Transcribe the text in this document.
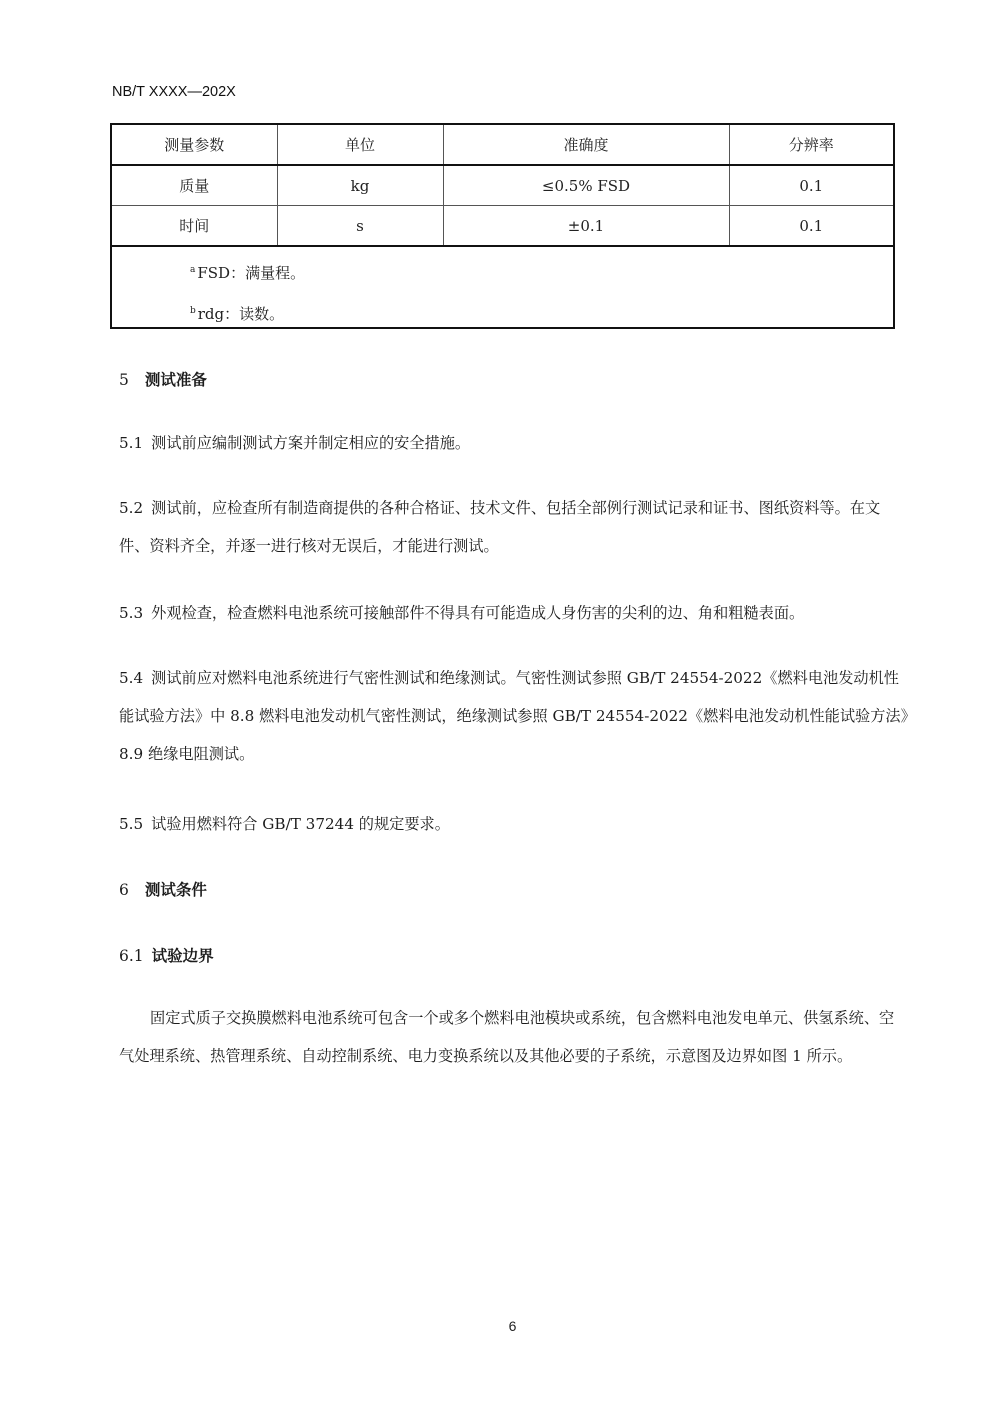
NB/T XXXX—202X
测量参数	单位	准确度	分辨率
质量	kg	≤0.5% FSD	0.1
时间	s	±0.1	0.1

$^a$ FSD：满量程。
$^b$ rdg：读数。			
5 测试准备
5.1 测试前应编制测试方案并制定相应的安全措施。
5.2 测试前，应检查所有制造商提供的各种合格证、技术文件、包括全部例行测试记录和证书、图纸资料等。在文件、资料齐全，并逐一进行核对无误后，才能进行测试。
5.3 外观检查，检查燃料电池系统可接触部件不得具有可能造成人身伤害的尖利的边、角和粗糙表面。
5.4 测试前应对燃料电池系统进行气密性测试和绝缘测试。气密性测试参照 GB/T 24554-2022《燃料电池发动机性能试验方法》中 8.8 燃料电池发动机气密性测试，绝缘测试参照 GB/T 24554-2022《燃料电池发动机性能试验方法》8.9 绝缘电阻测试。
5.5 试验用燃料符合 GB/T 37244 的规定要求。
6 测试条件
6.1 试验边界
固定式质子交换膜燃料电池系统可包含一个或多个燃料电池模块或系统，包含燃料电池发电单元、供氢系统、空气处理系统、热管理系统、自动控制系统、电力变换系统以及其他必要的子系统，示意图及边界如图 1 所示。
6
